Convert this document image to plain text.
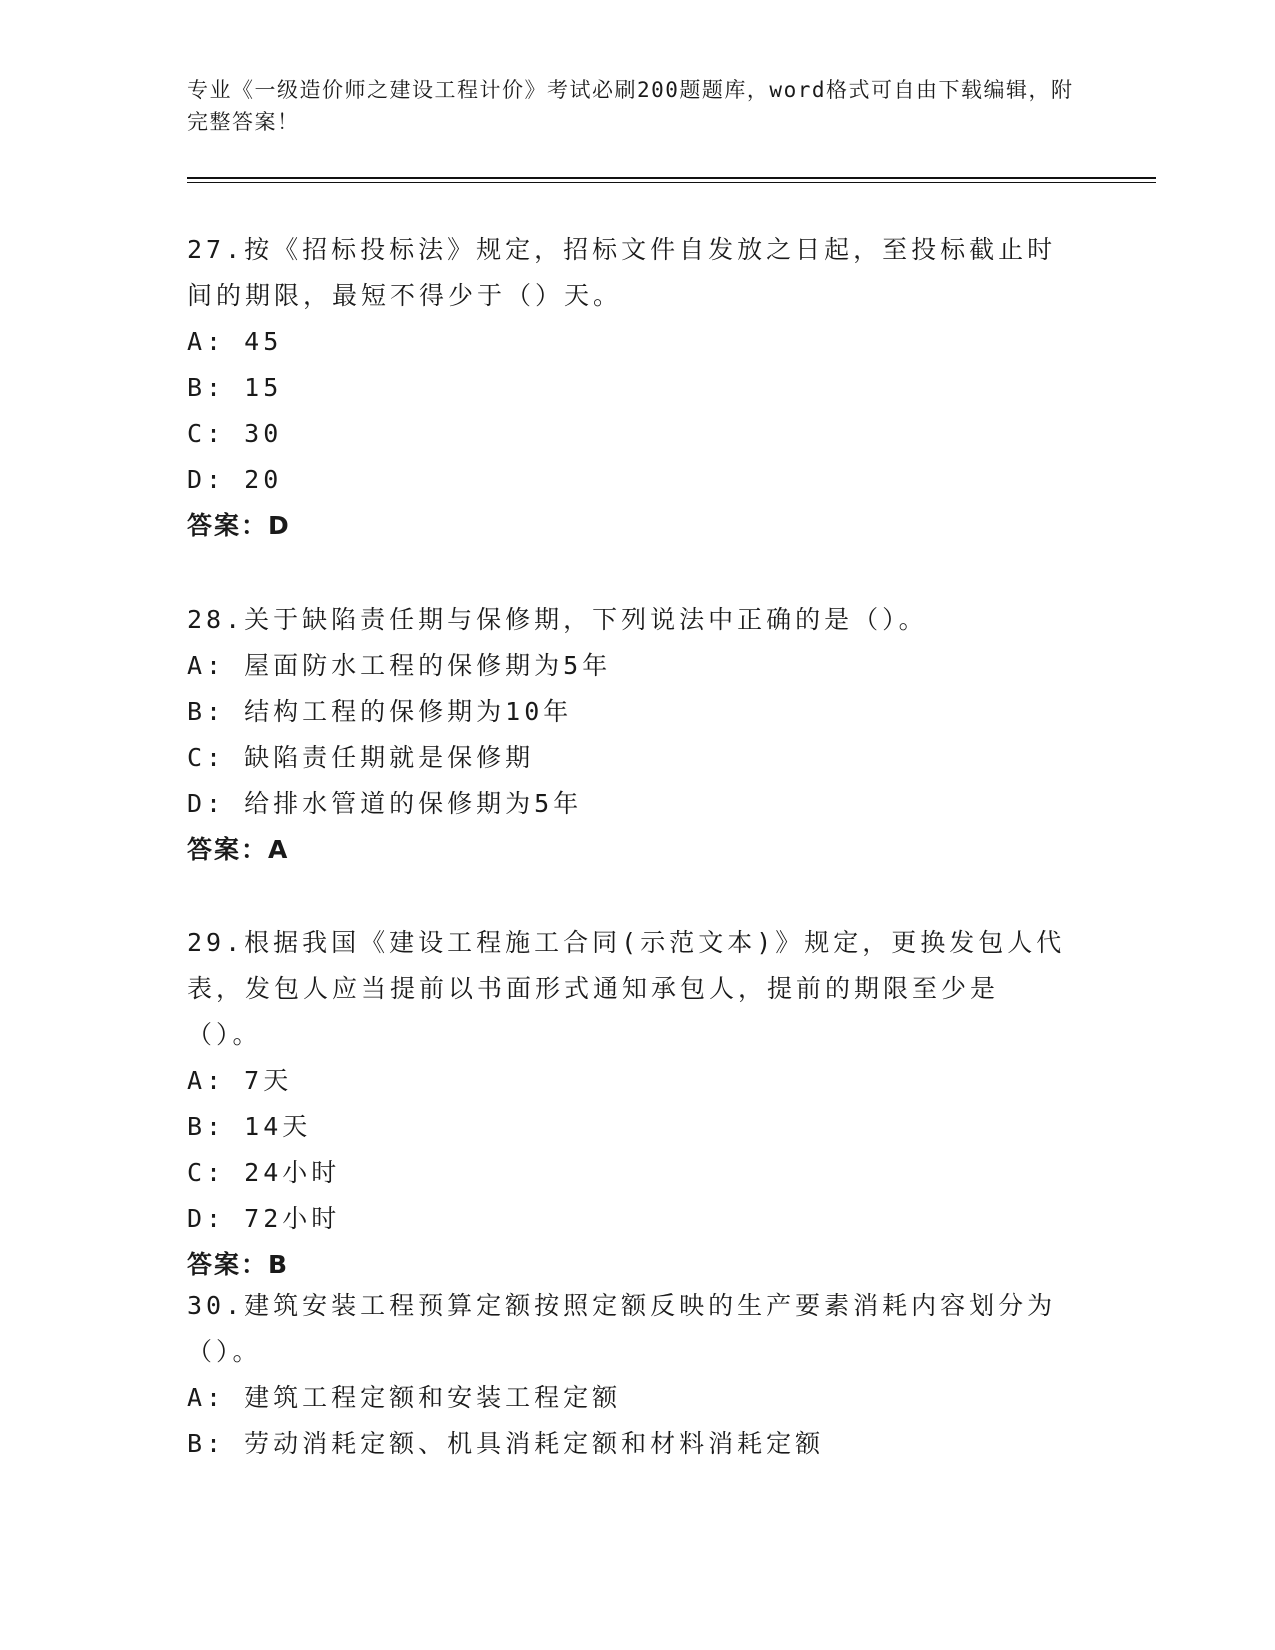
专业《一级造价师之建设工程计价》考试必刷200题题库，word格式可自由下载编辑，附完整答案！
27.按《招标投标法》规定，招标文件自发放之日起，至投标截止时间的期限，最短不得少于（）天。
A: 45
B: 15
C: 30
D: 20
答案：D
28.关于缺陷责任期与保修期，下列说法中正确的是（）。
A: 屋面防水工程的保修期为5年
B: 结构工程的保修期为10年
C: 缺陷责任期就是保修期
D: 给排水管道的保修期为5年
答案：A
29.根据我国《建设工程施工合同(示范文本)》规定，更换发包人代表，发包人应当提前以书面形式通知承包人，提前的期限至少是（）。
A: 7天
B: 14天
C: 24小时
D: 72小时
答案：B
30.建筑安装工程预算定额按照定额反映的生产要素消耗内容划分为（）。
A: 建筑工程定额和安装工程定额
B: 劳动消耗定额、机具消耗定额和材料消耗定额
